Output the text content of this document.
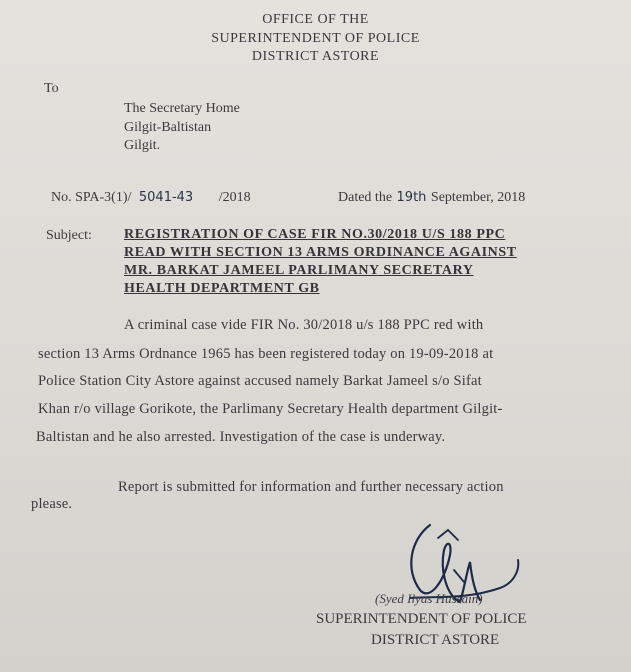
OFFICE OF THE
SUPERINTENDENT OF POLICE
DISTRICT ASTORE
To
The Secretary Home
Gilgit-Baltistan
Gilgit.
No. SPA-3(1)/ 5041-43 /2018	Dated the 19th September, 2018
Subject: REGISTRATION OF CASE FIR NO.30/2018 U/S 188 PPC
READ WITH SECTION 13 ARMS ORDINANCE AGAINST
MR. BARKAT JAMEEL PARLIMANY SECRETARY
HEALTH DEPARTMENT GB
A criminal case vide FIR No. 30/2018 u/s 188 PPC red with
section 13 Arms Ordnance 1965 has been registered today on 19-09-2018 at
Police Station City Astore against accused namely Barkat Jameel s/o Sifat
Khan r/o village Gorikote, the Parlimany Secretary Health department Gilgit-
Baltistan and he also arrested. Investigation of the case is underway.
Report is submitted for information and further necessary action
please.
(Syed Ilyas Hussain)
SUPERINTENDENT OF POLICE
DISTRICT ASTORE
